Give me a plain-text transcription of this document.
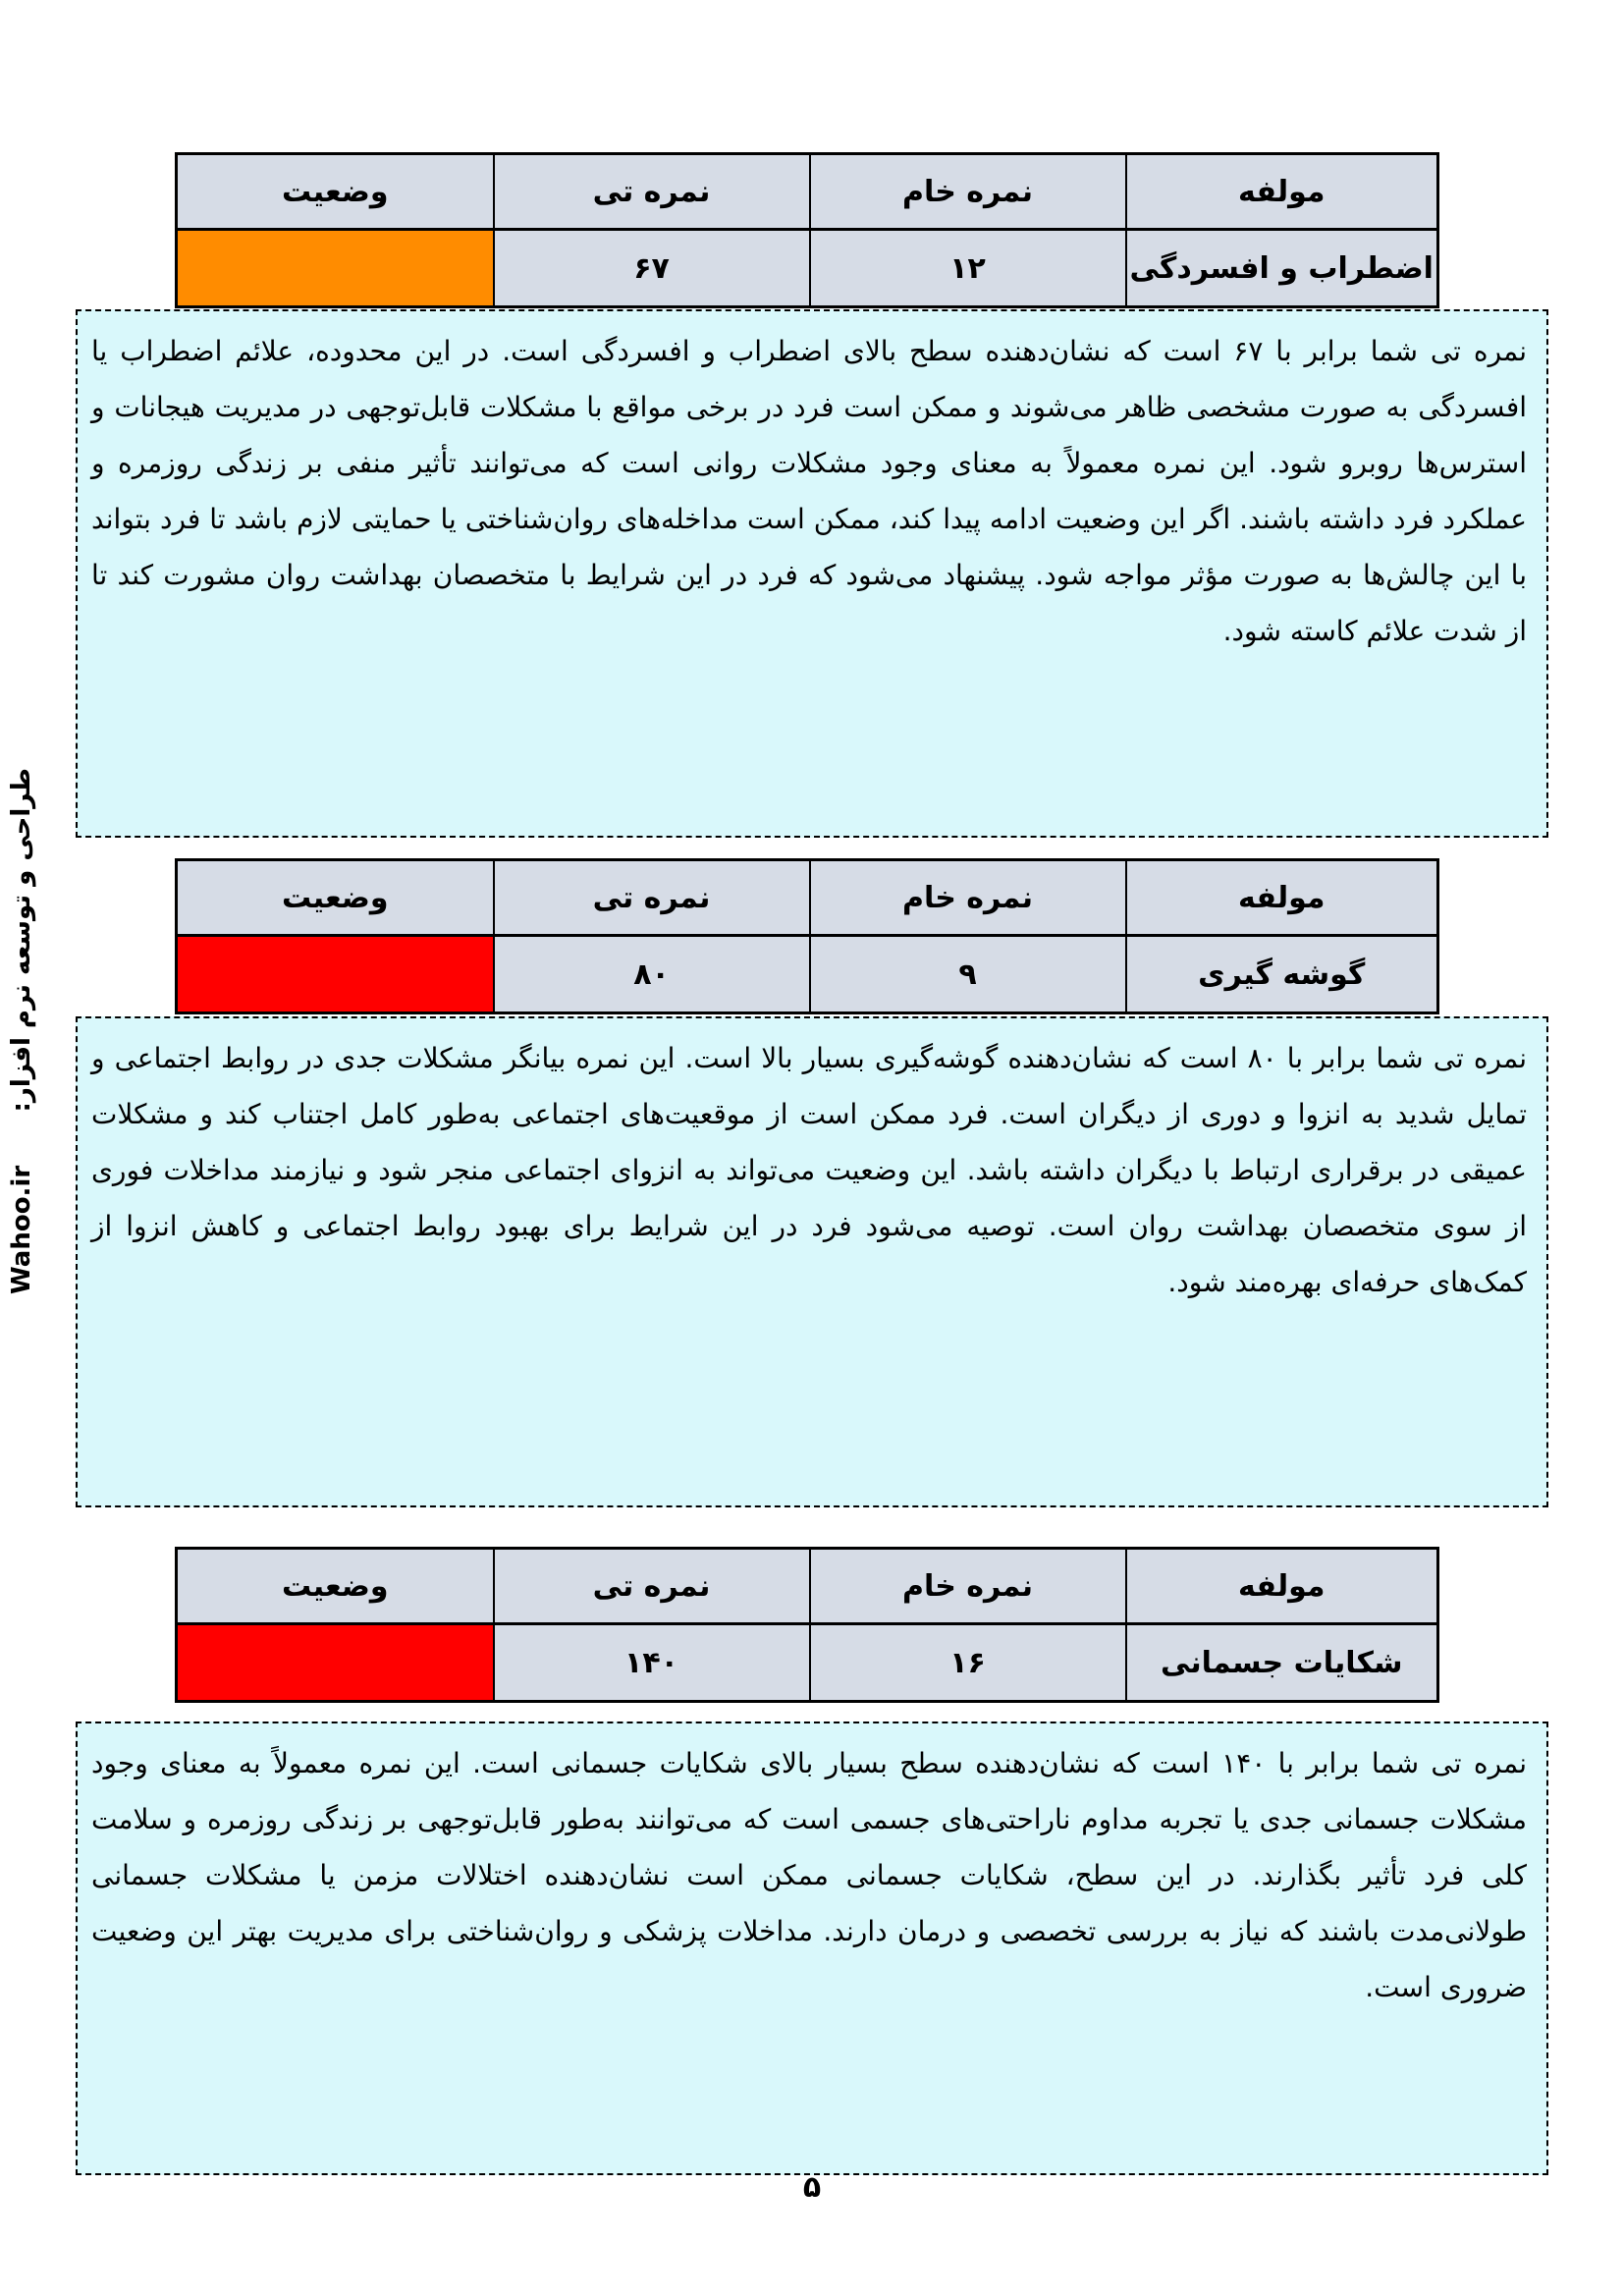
طراحی و توسعه نرم افزار:      Wahoo.ir
مولفه	نمره خام	نمره تی	وضعیت
اضطراب و افسردگی	۱۲	۶۷	
نمره تی شما برابر با ۶۷ است که نشان‌دهنده سطح بالای اضطراب و افسردگی است. در این محدوده، علائم اضطراب یا افسردگی به صورت مشخصی ظاهر می‌شوند و ممکن است فرد در برخی مواقع با مشکلات قابل‌توجهی در مدیریت هیجانات و استرس‌ها روبرو شود. این نمره معمولاً به معنای وجود مشکلات روانی است که می‌توانند تأثیر منفی بر زندگی روزمره و عملکرد فرد داشته باشند. اگر این وضعیت ادامه پیدا کند، ممکن است مداخله‌های روان‌شناختی یا حمایتی لازم باشد تا فرد بتواند با این چالش‌ها به صورت مؤثر مواجه شود. پیشنهاد می‌شود که فرد در این شرایط با متخصصان بهداشت روان مشورت کند تا از شدت علائم کاسته شود.
مولفه	نمره خام	نمره تی	وضعیت
گوشه گیری	۹	۸۰	
نمره تی شما برابر با ۸۰ است که نشان‌دهنده گوشه‌گیری بسیار بالا است. این نمره بیانگر مشکلات جدی در روابط اجتماعی و تمایل شدید به انزوا و دوری از دیگران است. فرد ممکن است از موقعیت‌های اجتماعی به‌طور کامل اجتناب کند و مشکلات عمیقی در برقراری ارتباط با دیگران داشته باشد. این وضعیت می‌تواند به انزوای اجتماعی منجر شود و نیازمند مداخلات فوری از سوی متخصصان بهداشت روان است. توصیه می‌شود فرد در این شرایط برای بهبود روابط اجتماعی و کاهش انزوا از کمک‌های حرفه‌ای بهره‌مند شود.
مولفه	نمره خام	نمره تی	وضعیت
شکایات جسمانی	۱۶	۱۴۰	
نمره تی شما برابر با ۱۴۰ است که نشان‌دهنده سطح بسیار بالای شکایات جسمانی است. این نمره معمولاً به معنای وجود مشکلات جسمانی جدی یا تجربه مداوم ناراحتی‌های جسمی است که می‌توانند به‌طور قابل‌توجهی بر زندگی روزمره و سلامت کلی فرد تأثیر بگذارند. در این سطح، شکایات جسمانی ممکن است نشان‌دهنده اختلالات مزمن یا مشکلات جسمانی طولانی‌مدت باشند که نیاز به بررسی تخصصی و درمان دارند. مداخلات پزشکی و روان‌شناختی برای مدیریت بهتر این وضعیت ضروری است.
۵
